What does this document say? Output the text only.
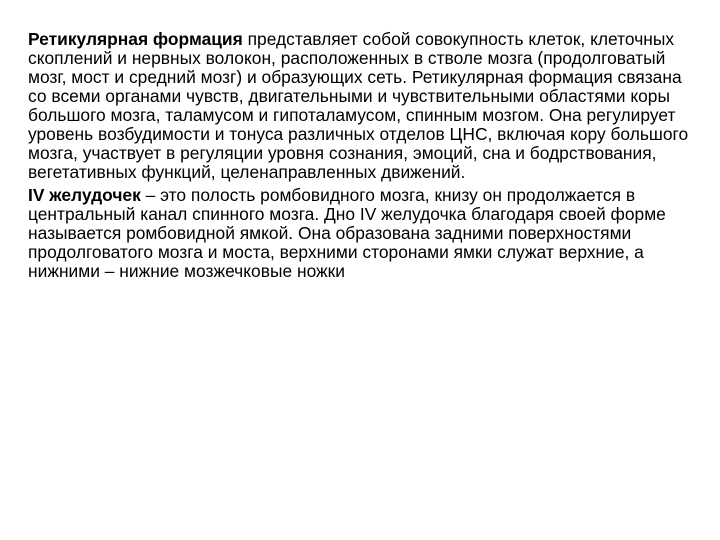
Ретикулярная формация представляет собой совокупность клеток, клеточных скоплений и нервных волокон, расположенных в стволе мозга (продолговатый мозг, мост и средний мозг) и образующих сеть. Ретикулярная формация связана со всеми органами чувств, двигательными и чувствительными областями коры большого мозга, таламусом и гипоталамусом, спинным мозгом. Она регулирует уровень возбудимости и тонуса различных отделов ЦНС, включая кору большого мозга, участвует в регуляции уровня сознания, эмоций, сна и бодрствования, вегетативных функций, целенаправленных движений.

IV желудочек – это полость ромбовидного мозга, книзу он продолжается в центральный канал спинного мозга. Дно IV желудочка благодаря своей форме называется ромбовидной ямкой. Она образована задними поверхностями продолговатого мозга и моста, верхними сторонами ямки служат верхние, а нижними – нижние мозжечковые ножки
